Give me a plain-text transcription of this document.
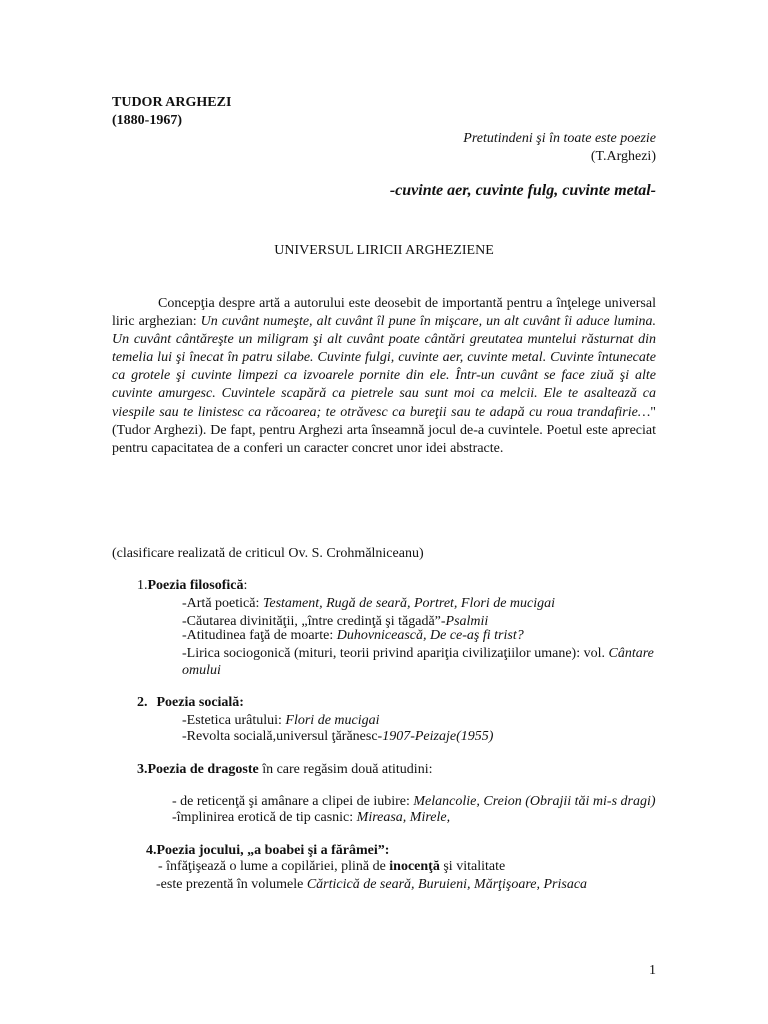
TUDOR ARGHEZI
(1880-1967)
Pretutindeni şi în toate este poezie
(T.Arghezi)
-cuvinte aer, cuvinte fulg, cuvinte metal-
UNIVERSUL LIRICII ARGHEZIENE
Concepţia despre artă a autorului este deosebit de importantă pentru a înţelege universal liric arghezian: Un cuvânt numeşte, alt cuvânt îl pune în mişcare, un alt cuvânt îi aduce lumina. Un cuvânt cântăreşte un miligram şi alt cuvânt poate cântări greutatea muntelui răsturnat din temelia lui şi înecat în patru silabe. Cuvinte fulgi, cuvinte aer, cuvinte metal. Cuvinte întunecate ca grotele şi cuvinte limpezi ca izvoarele pornite din ele. Într-un cuvânt se face ziuă şi alte cuvinte amurgesc. Cuvintele scapără ca pietrele sau sunt moi ca melcii. Ele te asaltează ca viespile sau te linistesc ca răcoarea; te otrăvesc ca bureţii sau te adapă cu roua trandafirie…" (Tudor Arghezi). De fapt, pentru Arghezi arta înseamnă jocul de-a cuvintele. Poetul este apreciat pentru capacitatea de a conferi un caracter concret unor idei abstracte.
(clasificare realizată de criticul Ov. S. Crohmălniceanu)
1.Poezia filosofică:
-Artă poetică: Testament, Rugă de seară, Portret, Flori de mucigai
-Căutarea divinităţii, „între credinţă şi tăgadă”-Psalmii
-Atitudinea faţă de moarte: Duhovnicească, De ce-aş fi trist?
-Lirica sociogonică (mituri, teorii privind apariţia civilizaţiilor umane): vol. Cântare omului
2. Poezia socială:
-Estetica urâtului: Flori de mucigai
-Revolta socială,universul ţărănesc-1907-Peizaje(1955)
3.Poezia de dragoste în care regăsim două atitudini:
- de reticenţă şi amânare a clipei de iubire: Melancolie, Creion (Obrajii tăi mi-s dragi)
-împlinirea erotică de tip casnic: Mireasa, Mirele,
4.Poezia jocului, „a boabei şi a fărâmei”:
- înfăţişează o lume a copilăriei, plină de inocenţă şi vitalitate
-este prezentă în volumele Cărticică de seară, Buruieni, Mărţişoare, Prisaca
1
